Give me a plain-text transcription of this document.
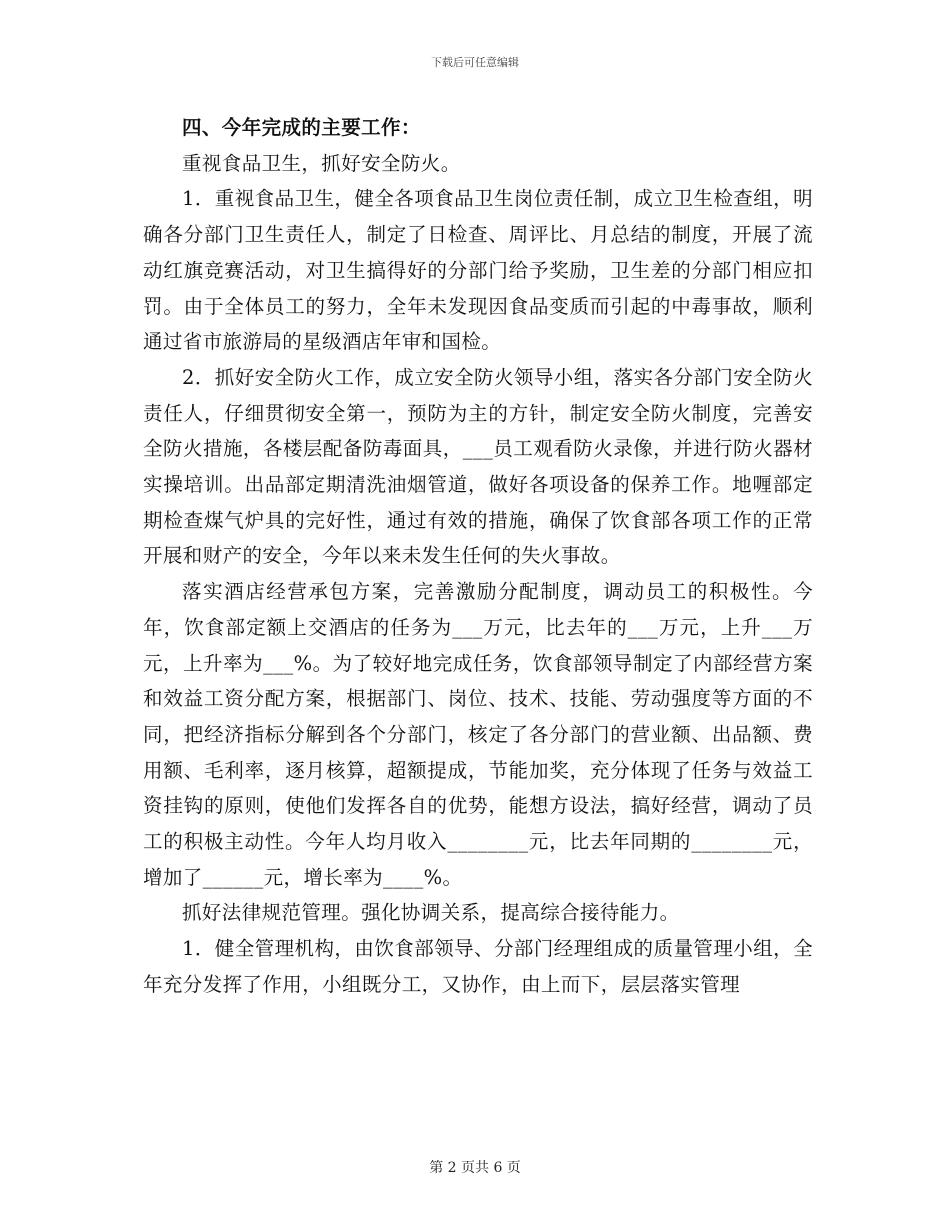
下载后可任意编辑

四、今年完成的主要工作：

重视食品卫生，抓好安全防火。

1．重视食品卫生，健全各项食品卫生岗位责任制，成立卫生检查组，明确各分部门卫生责任人，制定了日检查、周评比、月总结的制度，开展了流动红旗竞赛活动，对卫生搞得好的分部门给予奖励，卫生差的分部门相应扣罚。由于全体员工的努力，全年未发现因食品变质而引起的中毒事故，顺利通过省市旅游局的星级酒店年审和国检。

2．抓好安全防火工作，成立安全防火领导小组，落实各分部门安全防火责任人，仔细贯彻安全第一，预防为主的方针，制定安全防火制度，完善安全防火措施，各楼层配备防毒面具，___员工观看防火录像，并进行防火器材实操培训。出品部定期清洗油烟管道，做好各项设备的保养工作。地喱部定期检查煤气炉具的完好性，通过有效的措施，确保了饮食部各项工作的正常开展和财产的安全，今年以来未发生任何的失火事故。

落实酒店经营承包方案，完善激励分配制度，调动员工的积极性。今年，饮食部定额上交酒店的任务为___万元，比去年的___万元，上升___万元，上升率为___%。为了较好地完成任务，饮食部领导制定了内部经营方案和效益工资分配方案，根据部门、岗位、技术、技能、劳动强度等方面的不同，把经济指标分解到各个分部门，核定了各分部门的营业额、出品额、费用额、毛利率，逐月核算，超额提成，节能加奖，充分体现了任务与效益工资挂钩的原则，使他们发挥各自的优势，能想方设法，搞好经营，调动了员工的积极主动性。今年人均月收入________元，比去年同期的________元，增加了______元，增长率为____%。

抓好法律规范管理。强化协调关系，提高综合接待能力。

1．健全管理机构，由饮食部领导、分部门经理组成的质量管理小组，全年充分发挥了作用，小组既分工，又协作，由上而下，层层落实管理

第 2 页共 6 页
